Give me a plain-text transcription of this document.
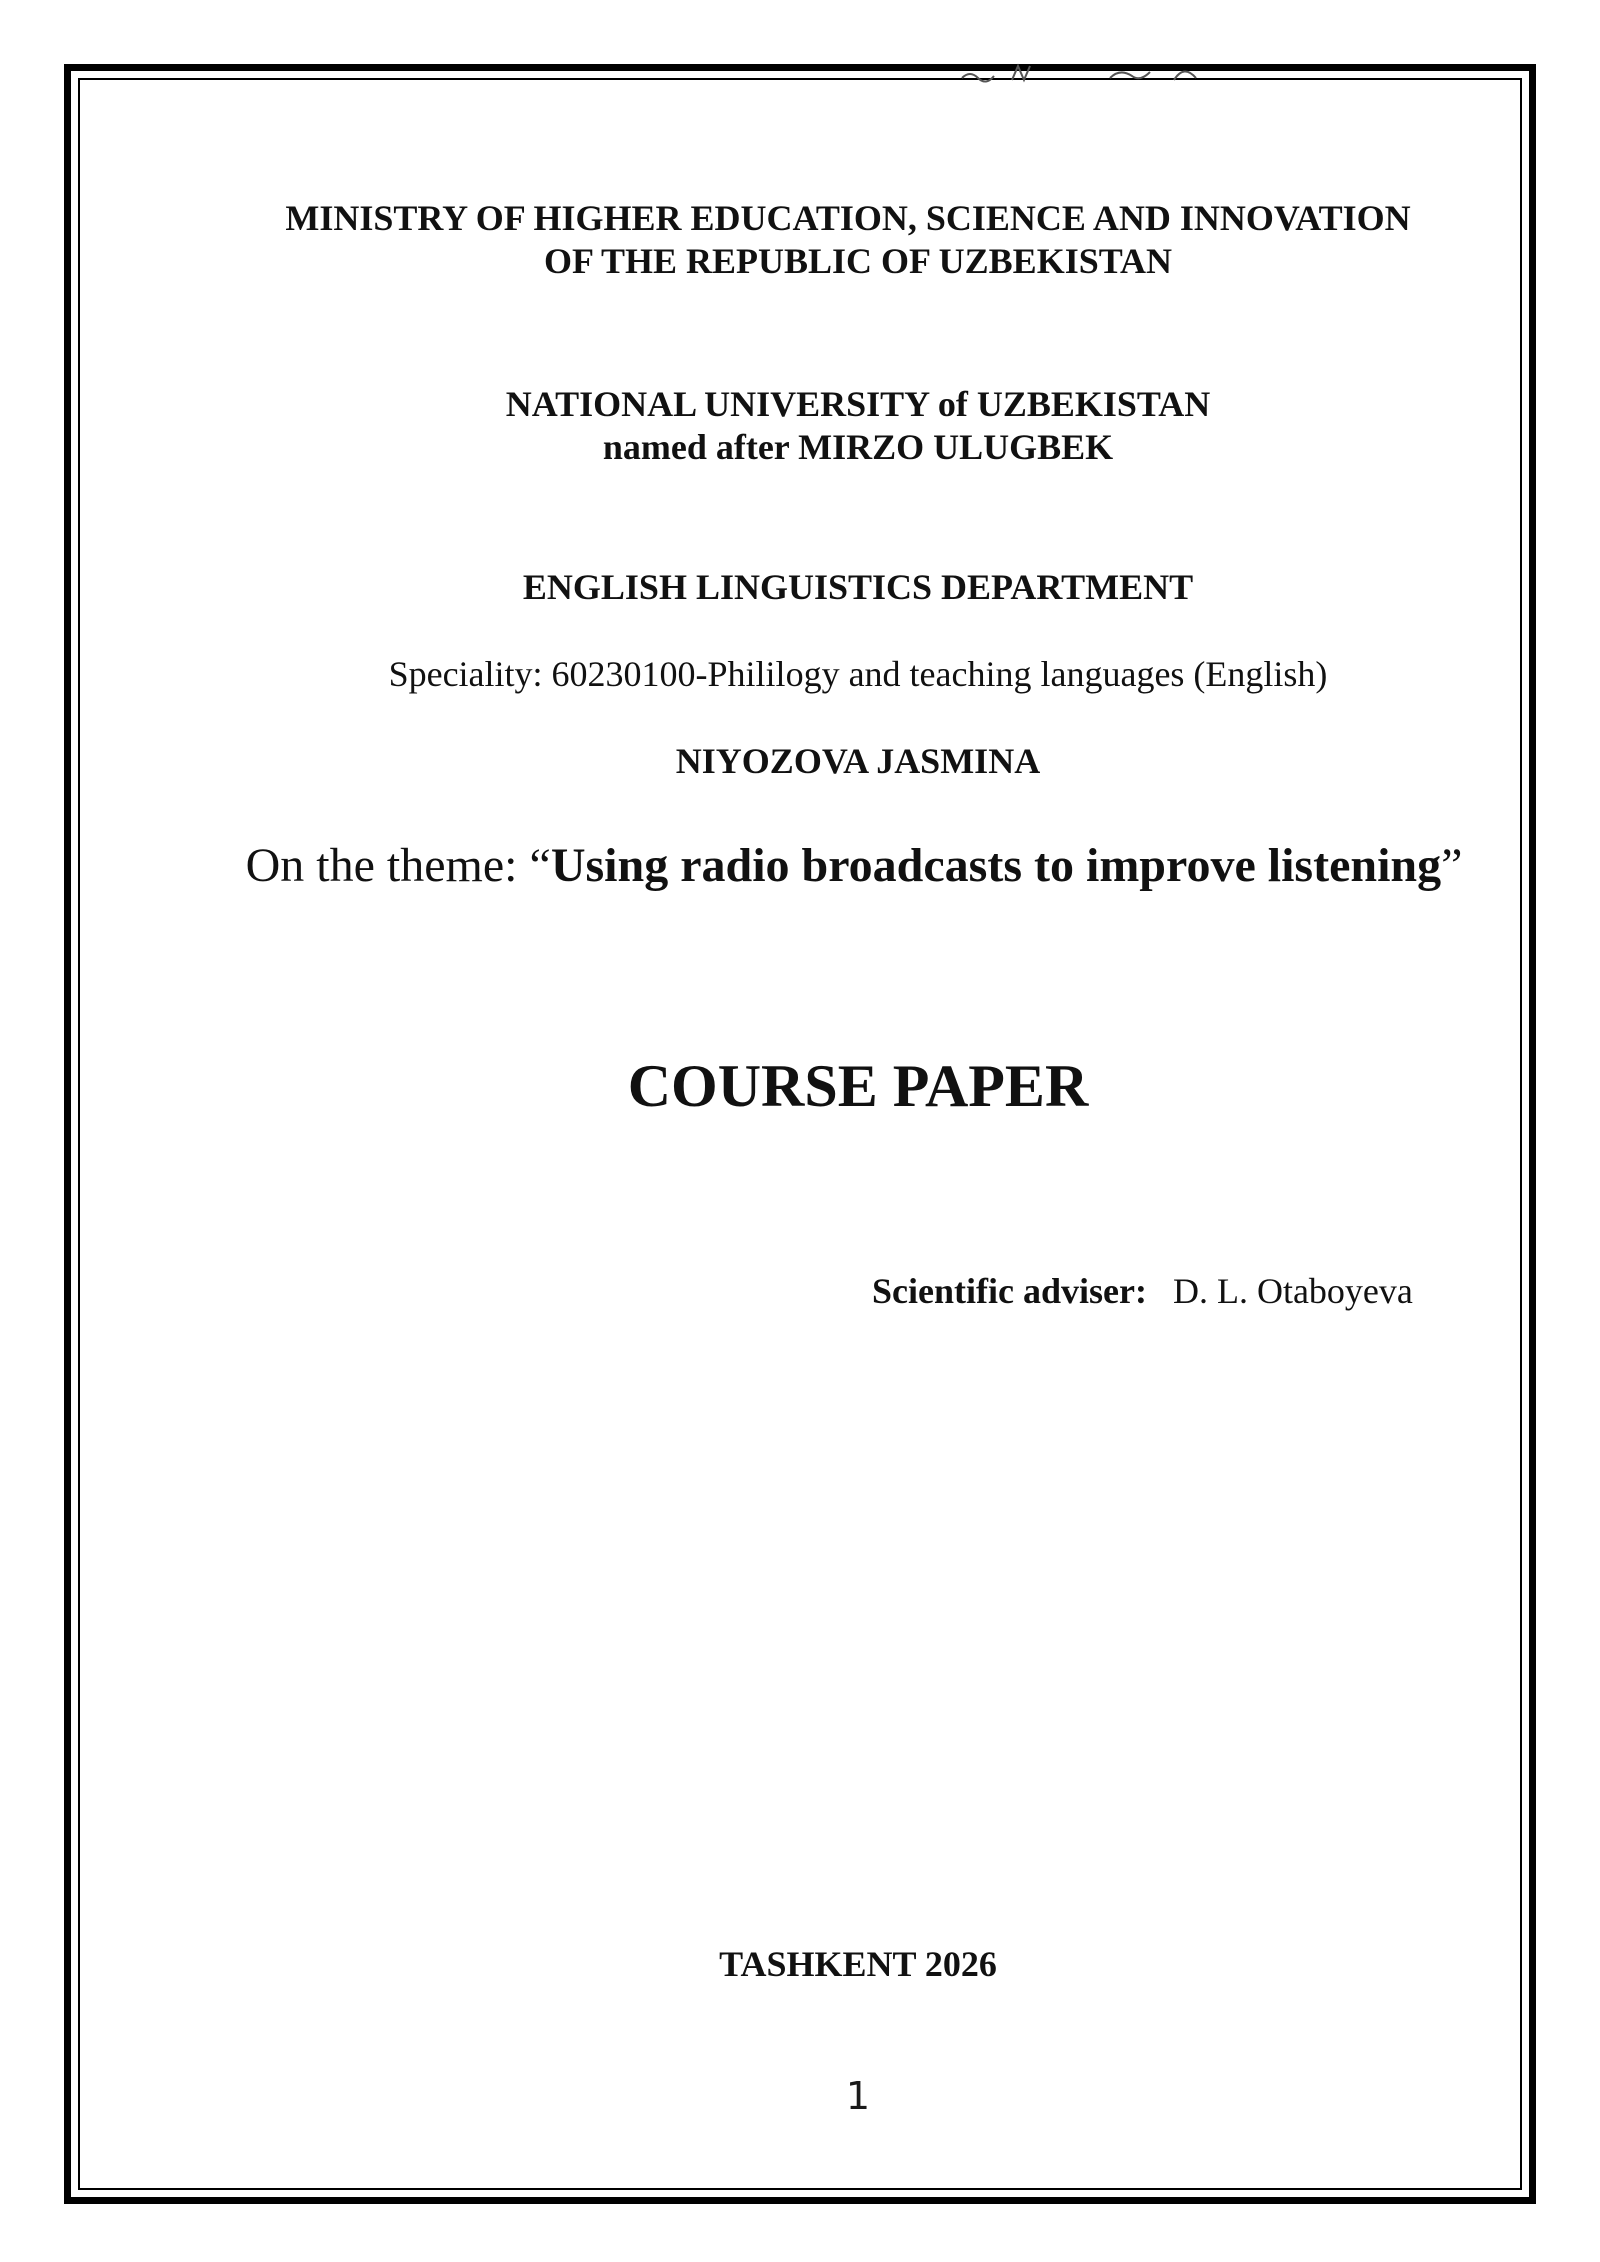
MINISTRY OF HIGHER EDUCATION, SCIENCE AND INNOVATION
OF THE REPUBLIC OF UZBEKISTAN
NATIONAL UNIVERSITY of UZBEKISTAN
named after MIRZO ULUGBEK
ENGLISH LINGUISTICS DEPARTMENT
Speciality: 60230100-Phililogy and teaching languages (English)
NIYOZOVA JASMINA
On the theme: “Using radio broadcasts to improve listening”
COURSE PAPER
Scientific adviser: D. L. Otaboyeva
TASHKENT 2026
1
